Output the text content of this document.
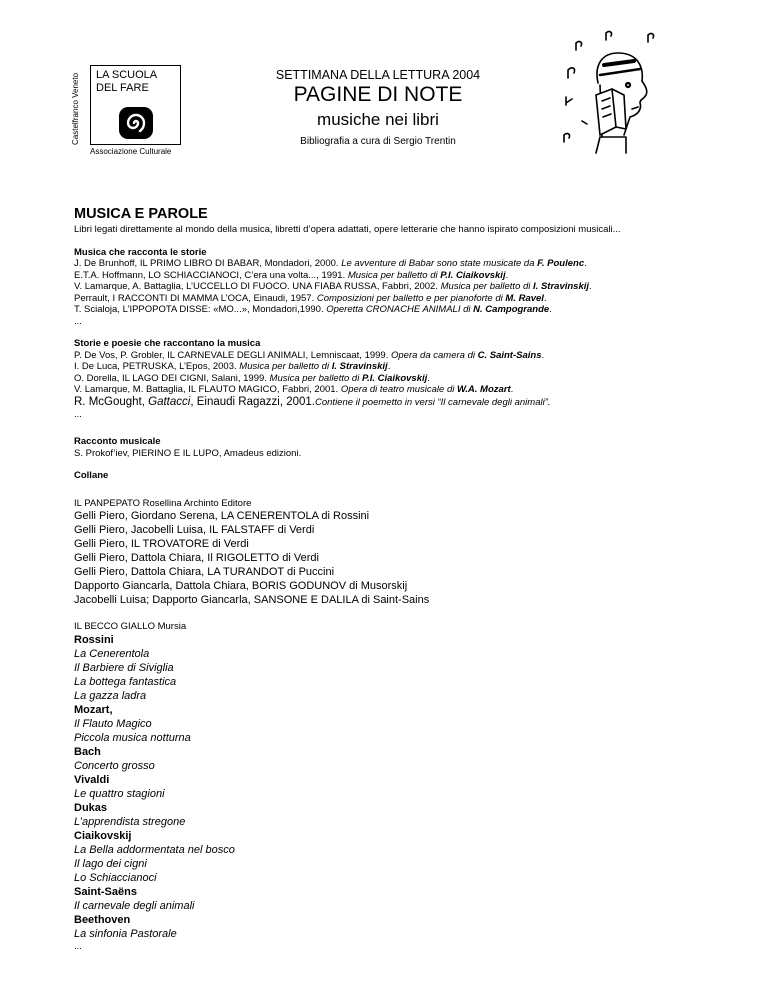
Castelfranco Veneto LA SCUOLA
DEL FARE
Associazione Culturale
SETTIMANA DELLA LETTURA 2004
PAGINE DI NOTE
musiche nei libri
Bibliografia a cura di Sergio Trentin
MUSICA E PAROLE
Libri legati direttamente al mondo della musica, libretti d’opera adattati, opere letterarie che hanno ispirato composizioni musicali...
Musica che racconta le storie
J. De Brunhoff, IL PRIMO LIBRO DI BABAR, Mondadori, 2000. Le avventure di Babar sono state musicate da F. Poulenc.
E.T.A. Hoffmann, LO SCHIACCIANOCI, C’era una volta..., 1991. Musica per balletto di P.I. Ciaikovskij.
V. Lamarque, A. Battaglia, L’UCCELLO DI FUOCO. UNA FIABA RUSSA, Fabbri, 2002. Musica per balletto di I. Stravinskij.
Perrault, I RACCONTI DI MAMMA L’OCA, Einaudi, 1957. Composizioni per balletto e per pianoforte di M. Ravel.
T. Scialoja, L’IPPOPOTA DISSE: «MO...», Mondadori,1990. Operetta CRONACHE ANIMALI di N. Campogrande.
...
Storie e poesie che raccontano la musica
P. De Vos, P. Grobler, IL CARNEVALE DEGLI ANIMALI, Lemniscaat, 1999. Opera da camera di C. Saint-Sains.
I. De Luca, PETRUSKA, L’Epos, 2003. Musica per balletto di I. Stravinskij.
O. Dorella, IL LAGO DEI CIGNI, Salani, 1999. Musica per balletto di P.I. Ciaikovskij.
V. Lamarque, M. Battaglia, IL FLAUTO MAGICO, Fabbri, 2001. Opera di teatro musicale di W.A. Mozart.
R. McGought, Gattacci, Einaudi Ragazzi, 2001.Contiene il poemetto in versi “Il carnevale degli animali”.
...
Racconto musicale
S. Prokof’iev, PIERINO E IL LUPO, Amadeus edizioni.
Collane
IL PANPEPATO Rosellina Archinto Editore
Gelli Piero, Giordano Serena, LA CENERENTOLA di Rossini
Gelli Piero, Jacobelli Luisa, IL FALSTAFF di Verdi
Gelli Piero, IL TROVATORE di Verdi
Gelli Piero, Dattola Chiara, Il RIGOLETTO di Verdi
Gelli Piero, Dattola Chiara, LA TURANDOT di Puccini
Dapporto Giancarla, Dattola Chiara, BORIS GODUNOV di Musorskij
Jacobelli Luisa; Dapporto Giancarla, SANSONE E DALILA di Saint-Sains
IL BECCO GIALLO Mursia
Rossini
La Cenerentola
Il Barbiere di Siviglia
La bottega fantastica
La gazza ladra
Mozart,
Il Flauto Magico
Piccola musica notturna
Bach
Concerto grosso
Vivaldi
Le quattro stagioni
Dukas
L’apprendista stregone
Ciaikovskij
La Bella addormentata nel bosco
Il lago dei cigni
Lo Schiaccianoci
Saint-Saëns
Il carnevale degli animali
Beethoven
La sinfonia Pastorale
...
